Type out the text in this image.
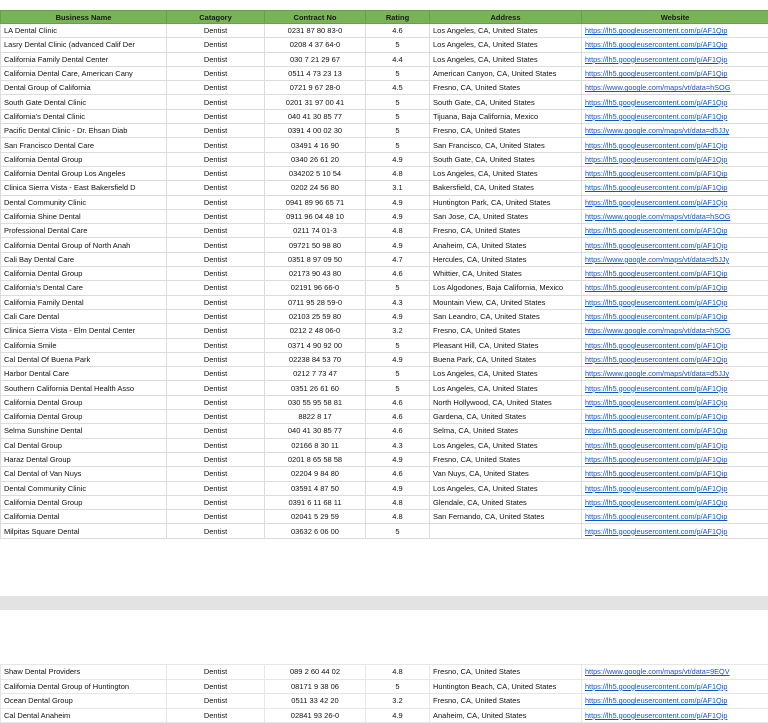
Business Name	Catagory	Contract No	Rating	Address	Website
LA Dental Clinic	Dentist	0231 87 80 83-0	4.6	Los Angeles, CA, United States	https://lh5.googleusercontent.com/p/AF1Qip
Lasry Dental Clinic (advanced Calif Der	Dentist	0208 4 37 64-0	5	Los Angeles, CA, United States	https://lh5.googleusercontent.com/p/AF1Qip
California Family Dental Center	Dentist	030 7 21 29 67	4.4	Los Angeles, CA, United States	https://lh5.googleusercontent.com/p/AF1Qip
California Dental Care, American Cany	Dentist	0511 4 73 23 13	5	American Canyon, CA, United States	https://lh5.googleusercontent.com/p/AF1Qip
Dental Group of California	Dentist	0721 9 67 28-0	4.5	Fresno, CA, United States	https://www.google.com/maps/vt/data=hSOG
South Gate Dental Clinic	Dentist	0201 31 97 00 41	5	South Gate, CA, United States	https://lh5.googleusercontent.com/p/AF1Qip
California's Dental Clinic	Dentist	040 41 30 85 77	5	Tijuana, Baja California, Mexico	https://lh5.googleusercontent.com/p/AF1Qip
Pacific Dental Clinic - Dr. Ehsan Diab	Dentist	0391 4 00 02 30	5	Fresno, CA, United States	https://www.google.com/maps/vt/data=d5JJy
San Francisco Dental Care	Dentist	03491 4 16 90	5	San Francisco, CA, United States	https://lh5.googleusercontent.com/p/AF1Qip
California Dental Group	Dentist	0340 26 61 20	4.9	South Gate, CA, United States	https://lh5.googleusercontent.com/p/AF1Qip
California Dental Group Los Angeles	Dentist	034202 5 10 54	4.8	Los Angeles, CA, United States	https://lh5.googleusercontent.com/p/AF1Qip
Clinica Sierra Vista - East Bakersfield D	Dentist	0202 24 56 80	3.1	Bakersfield, CA, United States	https://lh5.googleusercontent.com/p/AF1Qip
Dental Community Clinic	Dentist	0941 89 96 65 71	4.9	Huntington Park, CA, United States	https://lh5.googleusercontent.com/p/AF1Qip
California Shine Dental	Dentist	0911 96 04 48 10	4.9	San Jose, CA, United States	https://www.google.com/maps/vt/data=hSOG
Professional Dental Care	Dentist	0211 74 01-3	4.8	Fresno, CA, United States	https://lh5.googleusercontent.com/p/AF1Qip
California Dental Group of North Anah	Dentist	09721 50 98 80	4.9	Anaheim, CA, United States	https://lh5.googleusercontent.com/p/AF1Qip
Cali Bay Dental Care	Dentist	0351 8 97 09 50	4.7	Hercules, CA, United States	https://www.google.com/maps/vt/data=d5JJy
California Dental Group	Dentist	02173 90 43 80	4.6	Whittier, CA, United States	https://lh5.googleusercontent.com/p/AF1Qip
California's Dental Care	Dentist	02191 96 66-0	5	Los Algodones, Baja California, Mexico	https://lh5.googleusercontent.com/p/AF1Qip
California Family Dental	Dentist	0711 95 28 59-0	4.3	Mountain View, CA, United States	https://lh5.googleusercontent.com/p/AF1Qip
Cali Care Dental	Dentist	02103 25 59 80	4.9	San Leandro, CA, United States	https://lh5.googleusercontent.com/p/AF1Qip
Clinica Sierra Vista - Elm Dental Center	Dentist	0212 2 48 06-0	3.2	Fresno, CA, United States	https://www.google.com/maps/vt/data=hSOG
California Smile	Dentist	0371 4 90 92 00	5	Pleasant Hill, CA, United States	https://lh5.googleusercontent.com/p/AF1Qip
Cal Dental Of Buena Park	Dentist	02238 84 53 70	4.9	Buena Park, CA, United States	https://lh5.googleusercontent.com/p/AF1Qip
Harbor Dental Care	Dentist	0212 7 73 47	5	Los Angeles, CA, United States	https://www.google.com/maps/vt/data=d5JJy
Southern California Dental Health Asso	Dentist	0351 26 61 60	5	Los Angeles, CA, United States	https://lh5.googleusercontent.com/p/AF1Qip
California Dental Group	Dentist	030 55 95 58 81	4.6	North Hollywood, CA, United States	https://lh5.googleusercontent.com/p/AF1Qip
California Dental Group	Dentist	8822 8 17	4.6	Gardena, CA, United States	https://lh5.googleusercontent.com/p/AF1Qip
Selma Sunshine Dental	Dentist	040 41 30 85 77	4.6	Selma, CA, United States	https://lh5.googleusercontent.com/p/AF1Qip
Cal Dental Group	Dentist	02166 8 30 11	4.3	Los Angeles, CA, United States	https://lh5.googleusercontent.com/p/AF1Qip
Haraz Dental Group	Dentist	0201 8 65 58 58	4.9	Fresno, CA, United States	https://lh5.googleusercontent.com/p/AF1Qip
Cal Dental of Van Nuys	Dentist	02204 9 84 80	4.6	Van Nuys, CA, United States	https://lh5.googleusercontent.com/p/AF1Qip
Dental Community Clinic	Dentist	03591 4 87 50	4.9	Los Angeles, CA, United States	https://lh5.googleusercontent.com/p/AF1Qip
California Dental Group	Dentist	0391 6 11 68 11	4.8	Glendale, CA, United States	https://lh5.googleusercontent.com/p/AF1Qip
California Dental	Dentist	02041 5 29 59	4.8	San Fernando, CA, United States	https://lh5.googleusercontent.com/p/AF1Qip
Milpitas Square Dental	Dentist	03632 6 06 00	5		https://lh5.googleusercontent.com/p/AF1Qip
Shaw Dental Providers	Dentist	089 2 60 44 02	4.8	Fresno, CA, United States	https://www.google.com/maps/vt/data=9EQV
California Dental Group of Huntington	Dentist	08171 9 38 06	5	Huntington Beach, CA, United States	https://lh5.googleusercontent.com/p/AF1Qip
Ocean Dental Group	Dentist	0511 33 42 20	3.2	Fresno, CA, United States	https://lh5.googleusercontent.com/p/AF1Qip
Cal Dental Anaheim	Dentist	02841 93 26-0	4.9	Anaheim, CA, United States	https://lh5.googleusercontent.com/p/AF1Qip
